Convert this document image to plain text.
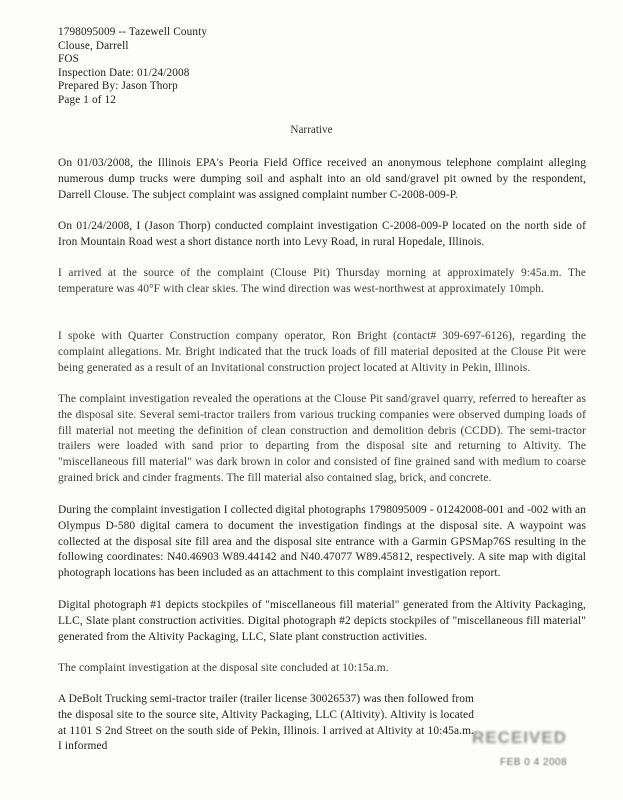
1798095009 -- Tazewell County
Clouse, Darrell
FOS
Inspection Date: 01/24/2008
Prepared By: Jason Thorp
Page 1 of 12
Narrative
On 01/03/2008, the Illinois EPA's Peoria Field Office received an anonymous telephone complaint alleging numerous dump trucks were dumping soil and asphalt into an old sand/gravel pit owned by the respondent, Darrell Clouse. The subject complaint was assigned complaint number C-2008-009-P.
On 01/24/2008, I (Jason Thorp) conducted complaint investigation C-2008-009-P located on the north side of Iron Mountain Road west a short distance north into Levy Road, in rural Hopedale, Illinois.
I arrived at the source of the complaint (Clouse Pit) Thursday morning at approximately 9:45a.m. The temperature was 40°F with clear skies. The wind direction was west-northwest at approximately 10mph.
I spoke with Quarter Construction company operator, Ron Bright (contact# 309-697-6126), regarding the complaint allegations. Mr. Bright indicated that the truck loads of fill material deposited at the Clouse Pit were being generated as a result of an Invitational construction project located at Altivity in Pekin, Illinois.
The complaint investigation revealed the operations at the Clouse Pit sand/gravel quarry, referred to hereafter as the disposal site. Several semi-tractor trailers from various trucking companies were observed dumping loads of fill material not meeting the definition of clean construction and demolition debris (CCDD). The semi-tractor trailers were loaded with sand prior to departing from the disposal site and returning to Altivity. The "miscellaneous fill material" was dark brown in color and consisted of fine grained sand with medium to coarse grained brick and cinder fragments. The fill material also contained slag, brick, and concrete.
During the complaint investigation I collected digital photographs 1798095009 - 01242008-001 and -002 with an Olympus D-580 digital camera to document the investigation findings at the disposal site. A waypoint was collected at the disposal site fill area and the disposal site entrance with a Garmin GPSMap76S resulting in the following coordinates: N40.46903 W89.44142 and N40.47077 W89.45812, respectively. A site map with digital photograph locations has been included as an attachment to this complaint investigation report.
Digital photograph #1 depicts stockpiles of "miscellaneous fill material" generated from the Altivity Packaging, LLC, Slate plant construction activities. Digital photograph #2 depicts stockpiles of "miscellaneous fill material" generated from the Altivity Packaging, LLC, Slate plant construction activities.
The complaint investigation at the disposal site concluded at 10:15a.m.
A DeBolt Trucking semi-tractor trailer (trailer license 30026537) was then followed from the disposal site to the source site, Altivity Packaging, LLC (Altivity). Altivity is located at 1101 S 2nd Street on the south side of Pekin, Illinois. I arrived at Altivity at 10:45a.m. I informed	RECEIVED
FEB 0 4 2008
